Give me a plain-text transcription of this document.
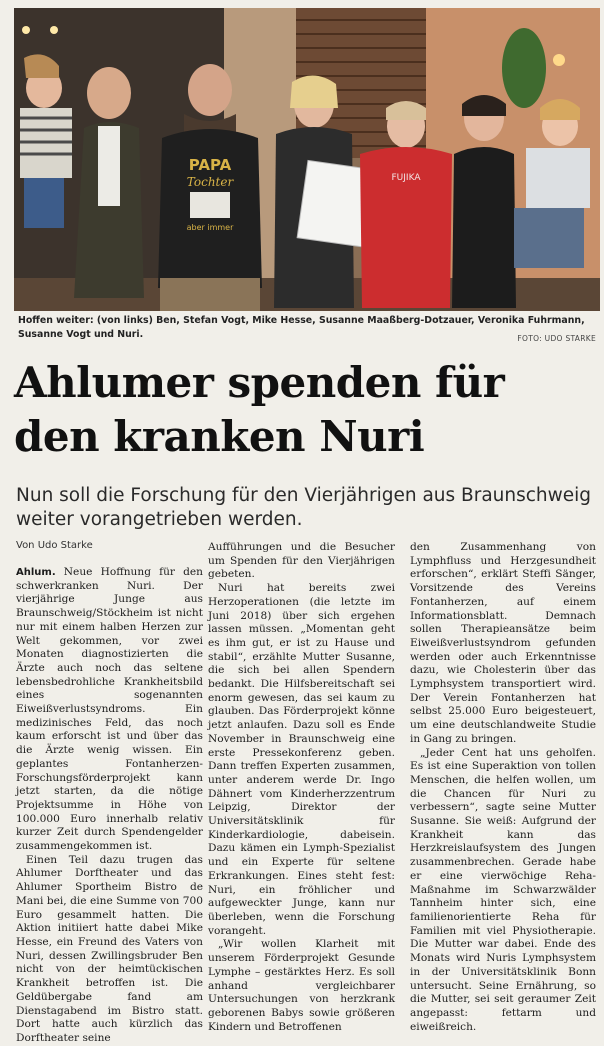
PAPA
Tochter
aber immer
FUJIKA
Hoffen weiter: (von links) Ben, Stefan Vogt, Mike Hesse, Susanne Maaßberg-Dotzauer, Veronika Fuhrmann, Susanne Vogt und Nuri.	FOTO: UDO STARKE
Ahlumer spenden für
den kranken Nuri
Nun soll die Forschung für den Vierjährigen aus Braunschweig weiter vorangetrieben werden.
Von Udo Starke

Ahlum. Neue Hoffnung für den schwerkranken Nuri. Der vierjährige Junge aus Braunschweig/Stöckheim ist nicht nur mit einem halben Herzen zur Welt gekommen, vor zwei Monaten diagnostizierten die Ärzte auch noch das seltene lebensbedrohliche Krankheitsbild eines sogenannten Eiweißverlustsyndroms. Ein medizinisches Feld, das noch kaum erforscht ist und über das die Ärzte wenig wissen. Ein geplantes Fontanherzen-Forschungsförderprojekt kann jetzt starten, da die nötige Projektsumme in Höhe von 100.000 Euro innerhalb relativ kurzer Zeit durch Spendengelder zusammengekommen ist.

Einen Teil dazu trugen das Ahlumer Dorftheater und das Ahlumer Sportheim Bistro de Mani bei, die eine Summe von 700 Euro gesammelt hatten. Die Aktion initiiert hatte dabei Mike Hesse, ein Freund des Vaters von Nuri, dessen Zwillingsbruder Ben nicht von der heimtückischen Krankheit betroffen ist. Die Geldübergabe fand am Dienstagabend im Bistro statt. Dort hatte auch kürzlich das Dorftheater seine

Aufführungen und die Besucher um Spenden für den Vierjährigen gebeten.

Nuri hat bereits zwei Herzoperationen (die letzte im Juni 2018) über sich ergehen lassen müssen. „Momentan geht es ihm gut, er ist zu Hause und stabil“, erzählte Mutter Susanne, die sich bei allen Spendern bedankt. Die Hilfsbereitschaft sei enorm gewesen, das sei kaum zu glauben. Das Förderprojekt könne jetzt anlaufen. Dazu soll es Ende November in Braunschweig eine erste Pressekonferenz geben. Dann treffen Experten zusammen, unter anderem werde Dr. Ingo Dähnert vom Kinderherzzentrum Leipzig, Direktor der Universitätsklinik für Kinderkardiologie, dabeisein. Dazu kämen ein Lymph-Spezialist und ein Experte für seltene Erkrankungen. Eines steht fest: Nuri, ein fröhlicher und aufgeweckter Junge, kann nur überleben, wenn die Forschung vorangeht.

„Wir wollen Klarheit mit unserem Förderprojekt Gesunde Lymphe – gestärktes Herz. Es soll anhand vergleichbarer Untersuchungen von herzkrank geborenen Babys sowie größeren Kindern und Betroffenen

den Zusammenhang von Lymphfluss und Herzgesundheit erforschen“, erklärt Steffi Sänger, Vorsitzende des Vereins Fontanherzen, auf einem Informationsblatt. Demnach sollen Therapieansätze beim Eiweißverlustsyndrom gefunden werden oder auch Erkenntnisse dazu, wie Cholesterin über das Lymphsystem transportiert wird. Der Verein Fontanherzen hat selbst 25.000 Euro beigesteuert, um eine deutschlandweite Studie in Gang zu bringen.

„Jeder Cent hat uns geholfen. Es ist eine Superaktion von tollen Menschen, die helfen wollen, um die Chancen für Nuri zu verbessern“, sagte seine Mutter Susanne. Sie weiß: Aufgrund der Krankheit kann das Herzkreislaufsystem des Jungen zusammenbrechen. Gerade habe er eine vierwöchige Reha-Maßnahme im Schwarzwälder Tannheim hinter sich, eine familienorientierte Reha für Familien mit viel Physiotherapie. Die Mutter war dabei. Ende des Monats wird Nuris Lymphsystem in der Universitätsklinik Bonn untersucht. Seine Ernährung, so die Mutter, sei seit geraumer Zeit angepasst: fettarm und eiweißreich.
